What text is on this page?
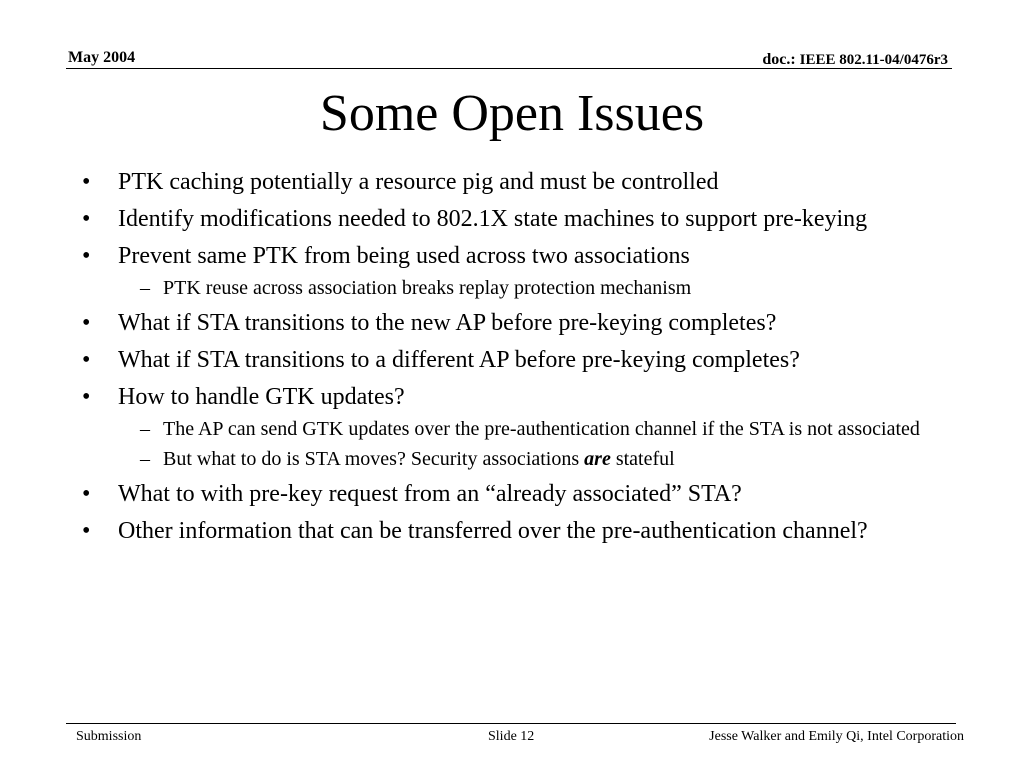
May 2004	doc.: IEEE 802.11-04/0476r3
Some Open Issues
• PTK caching potentially a resource pig and must be controlled
• Identify modifications needed to 802.1X state machines to support pre-keying
• Prevent same PTK from being used across two associations
– PTK reuse across association breaks replay protection mechanism
• What if STA transitions to the new AP before pre-keying completes?
• What if STA transitions to a different AP before pre-keying completes?
• How to handle GTK updates?
– The AP can send GTK updates over the pre-authentication channel if the STA is not associated
– But what to do is STA moves? Security associations are stateful
• What to with pre-key request from an “already associated” STA?
• Other information that can be transferred over the pre-authentication channel?
Submission	Slide 12	Jesse Walker and Emily Qi, Intel Corporation
